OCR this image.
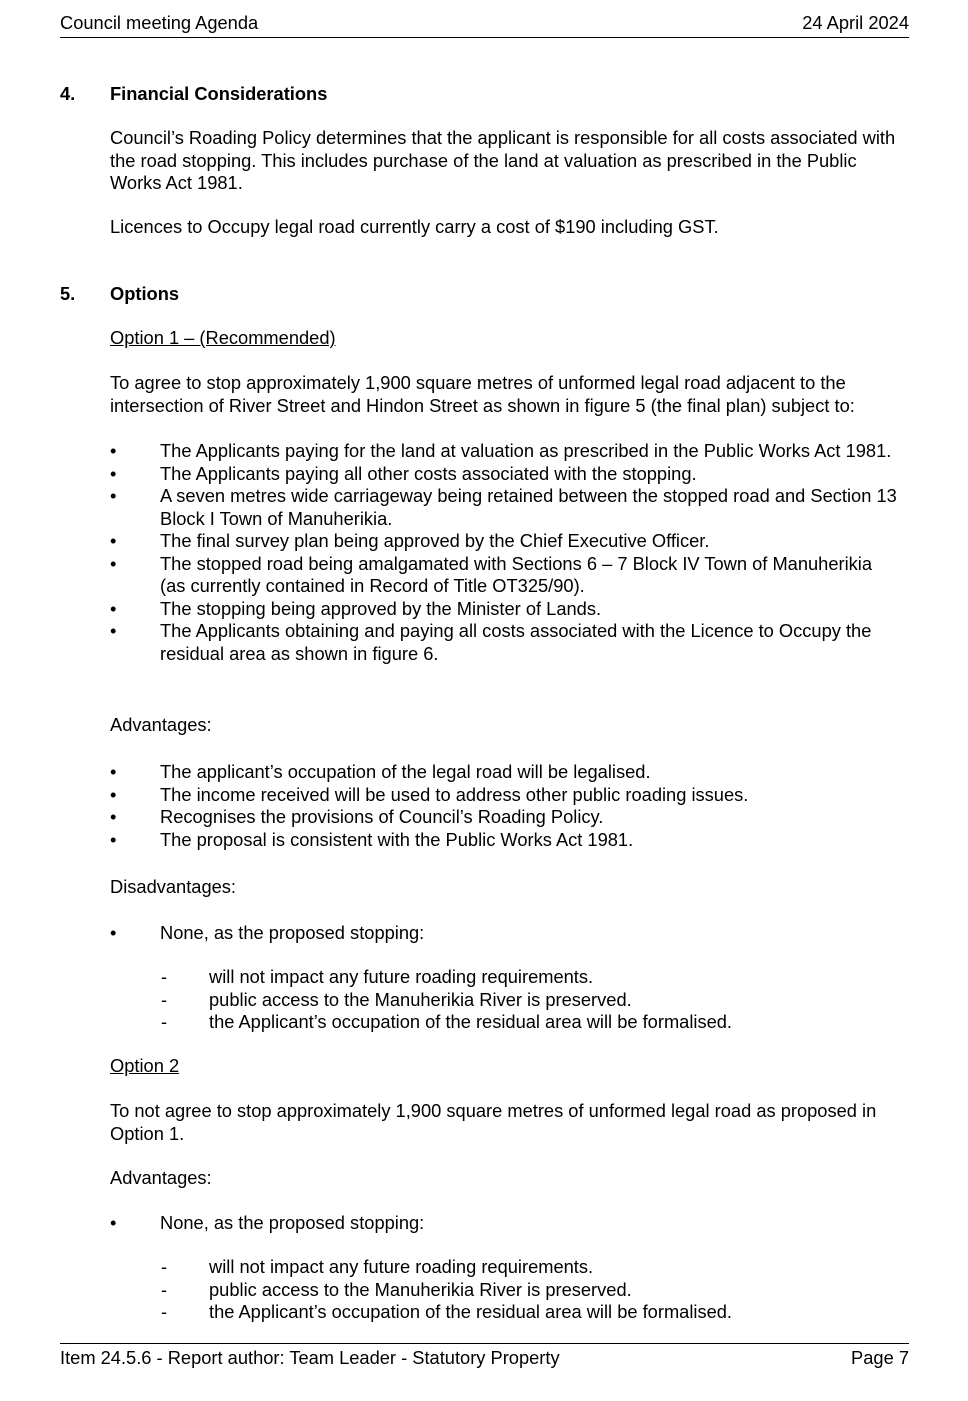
Council meeting Agenda	24 April 2024
4. Financial Considerations

Council’s Roading Policy determines that the applicant is responsible for all costs associated with the road stopping. This includes purchase of the land at valuation as prescribed in the Public Works Act 1981.

Licences to Occupy legal road currently carry a cost of $190 including GST.

5. Options

Option 1 – (Recommended)

To agree to stop approximately 1,900 square metres of unformed legal road adjacent to the intersection of River Street and Hindon Street as shown in figure 5 (the final plan) subject to:

• The Applicants paying for the land at valuation as prescribed in the Public Works Act 1981.
• The Applicants paying all other costs associated with the stopping.
• A seven metres wide carriageway being retained between the stopped road and Section 13 Block I Town of Manuherikia.
• The final survey plan being approved by the Chief Executive Officer.
• The stopped road being amalgamated with Sections 6 – 7 Block IV Town of Manuherikia (as currently contained in Record of Title OT325/90).
• The stopping being approved by the Minister of Lands.
• The Applicants obtaining and paying all costs associated with the Licence to Occupy the residual area as shown in figure 6.

Advantages:

• The applicant’s occupation of the legal road will be legalised.
• The income received will be used to address other public roading issues.
• Recognises the provisions of Council’s Roading Policy.
• The proposal is consistent with the Public Works Act 1981.

Disadvantages:

• None, as the proposed stopping:
- will not impact any future roading requirements.
- public access to the Manuherikia River is preserved.
- the Applicant’s occupation of the residual area will be formalised.

Option 2

To not agree to stop approximately 1,900 square metres of unformed legal road as proposed in Option 1.

Advantages:

• None, as the proposed stopping:
- will not impact any future roading requirements.
- public access to the Manuherikia River is preserved.
- the Applicant’s occupation of the residual area will be formalised.
Item 24.5.6 - Report author: Team Leader - Statutory Property	Page 7
